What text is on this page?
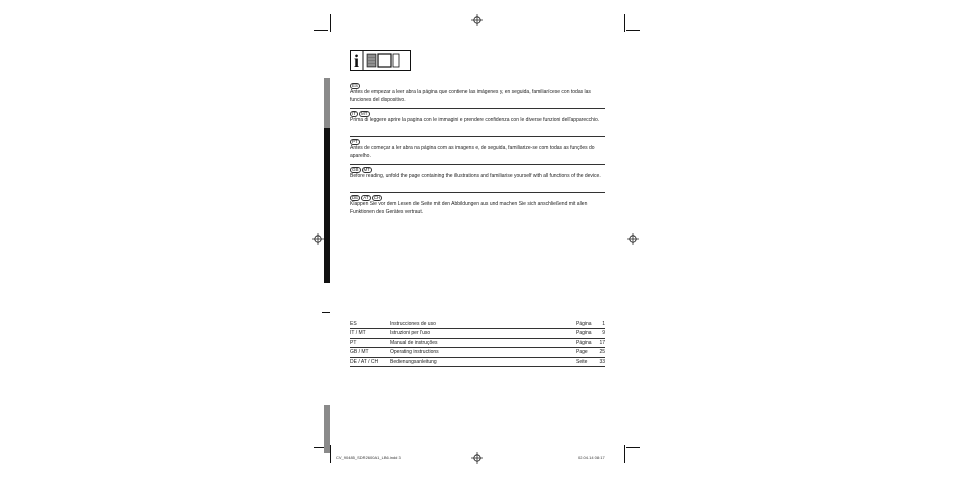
i
ES

Antes de empezar a leer abra la página que contiene las imágenes y, en seguida, familiarícese con todas las funciones del dispositivo.

IT MT

Prima di leggere aprire la pagina con le immagini e prendere confidenza con le diverse funzioni dell'apparecchio.

PT

Antes de começar a ler abra na página com as imagens e, de seguida, familiarize-se com todas as funções do aparelho.

GB MT

Before reading, unfold the page containing the illustrations and familiarise yourself with all functions of the device.

DE AT CH

Klappen Sie vor dem Lesen die Seite mit den Abbildungen aus und machen Sie sich anschließend mit allen Funktionen des Gerätes vertraut.

ES	Instrucciones de uso	Página 1
IT / MT	Istruzioni per l'uso	Pagina 9
PT	Manual de instruções	Página 17
GB / MT	Operating instructions	Page 25
DE / AT / CH Bedienungsanleitung	Seite 33
CV_90485_SDR2600A1_LB6.indd 3	02.04.14 08:17
